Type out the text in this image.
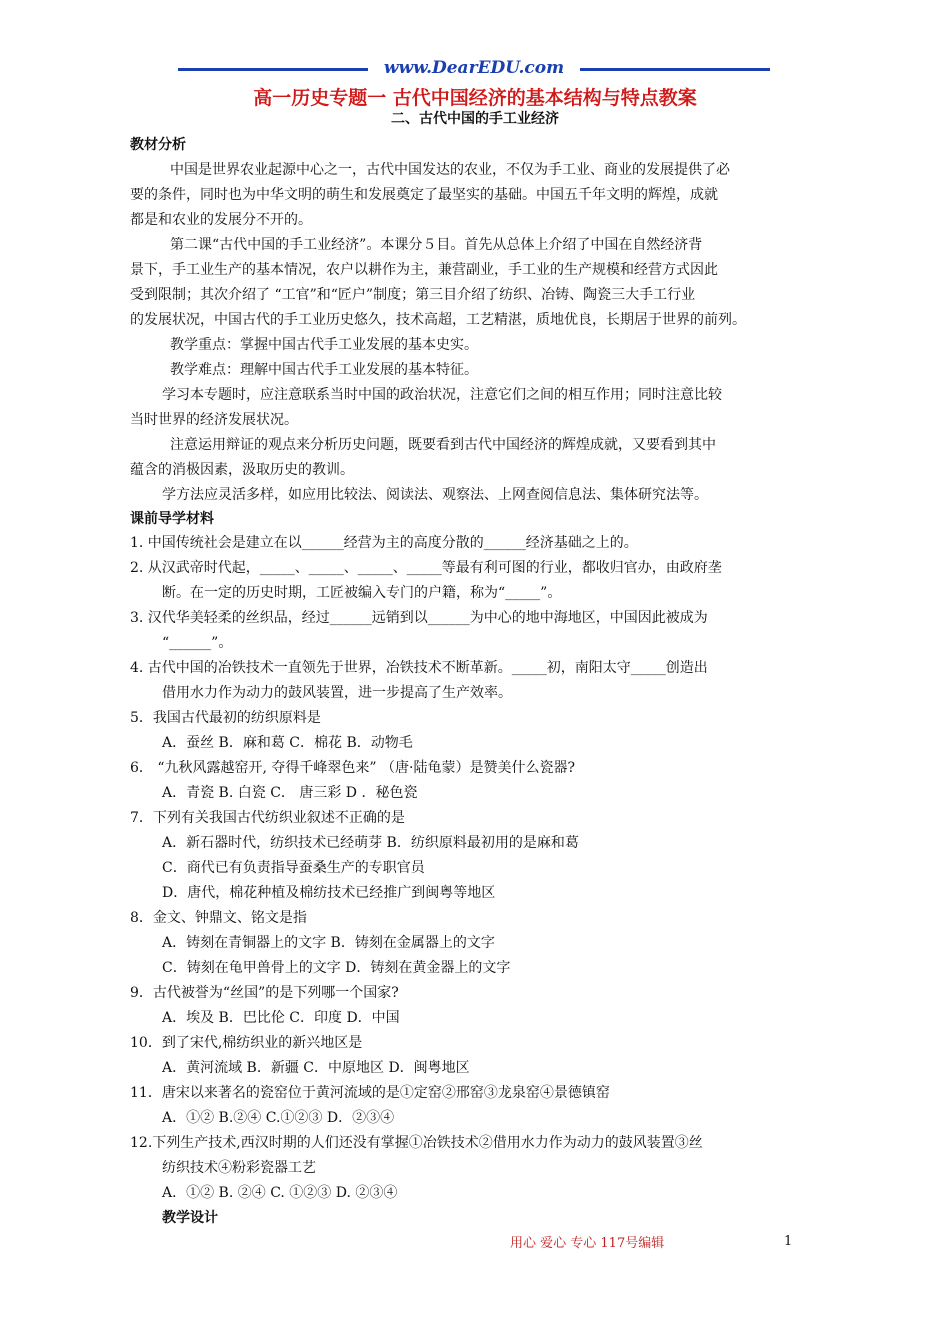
www.DearEDU.com
高一历史专题一 古代中国经济的基本结构与特点教案
二、古代中国的手工业经济
教材分析
中国是世界农业起源中心之一，古代中国发达的农业，不仅为手工业、商业的发展提供了必
要的条件，同时也为中华文明的萌生和发展奠定了最坚实的基础。中国五千年文明的辉煌，成就
都是和农业的发展分不开的。
第二课“古代中国的手工业经济”。本课分５目。首先从总体上介绍了中国在自然经济背
景下，手工业生产的基本情况，农户以耕作为主，兼营副业，手工业的生产规模和经营方式因此
受到限制；其次介绍了 “工官”和“匠户”制度；第三目介绍了纺织、冶铸、陶瓷三大手工行业
的发展状况，中国古代的手工业历史悠久，技术高超，工艺精湛，质地优良，长期居于世界的前列。
教学重点：掌握中国古代手工业发展的基本史实。
教学难点：理解中国古代手工业发展的基本特征。
学习本专题时，应注意联系当时中国的政治状况，注意它们之间的相互作用；同时注意比较
当时世界的经济发展状况。
注意运用辩证的观点来分析历史问题，既要看到古代中国经济的辉煌成就，又要看到其中
蕴含的消极因素，汲取历史的教训。
学方法应灵活多样，如应用比较法、阅读法、观察法、上网查阅信息法、集体研究法等。
课前导学材料
1. 中国传统社会是建立在以______经营为主的高度分散的______经济基础之上的。
2. 从汉武帝时代起，_____、_____、_____、_____等最有利可图的行业，都收归官办，由政府垄
断。在一定的历史时期，工匠被编入专门的户籍，称为“_____”。
3. 汉代华美轻柔的丝织品，经过______远销到以______为中心的地中海地区，中国因此被成为
“______”。
4. 古代中国的冶铁技术一直领先于世界，冶铁技术不断革新。_____初，南阳太守_____创造出
借用水力作为动力的鼓风装置，进一步提高了生产效率。
5．我国古代最初的纺织原料是
A．蚕丝 B．麻和葛 C．棉花 B．动物毛
6． “九秋风露越窑开, 夺得千峰翠色来” （唐·陆龟蒙）是赞美什么瓷器?
A．青瓷 B. 白瓷 C． 唐三彩 D ．秘色瓷
7．下列有关我国古代纺织业叙述不正确的是
A．新石器时代，纺织技术已经萌芽 B．纺织原料最初用的是麻和葛
C．商代已有负责指导蚕桑生产的专职官员
D．唐代，棉花种植及棉纺技术已经推广到闽粤等地区
8．金文、钟鼎文、铭文是指
A．铸刻在青铜器上的文字 B．铸刻在金属器上的文字
C．铸刻在龟甲兽骨上的文字 D．铸刻在黄金器上的文字
9．古代被誉为“丝国”的是下列哪一个国家?
A．埃及 B．巴比伦 C．印度 D．中国
10．到了宋代,棉纺织业的新兴地区是
A．黄河流域 B．新疆 C．中原地区 D．闽粤地区
11．唐宋以来著名的瓷窑位于黄河流域的是①定窑②邢窑③龙泉窑④景德镇窑
A．①② B.②④ C.①②③ D．②③④
12.下列生产技术,西汉时期的人们还没有掌握①冶铁技术②借用水力作为动力的鼓风装置③丝
纺织技术④粉彩瓷器工艺
A．①② B. ②④ C. ①②③ D. ②③④
教学设计
用心 爱心 专心 117号编辑	1
